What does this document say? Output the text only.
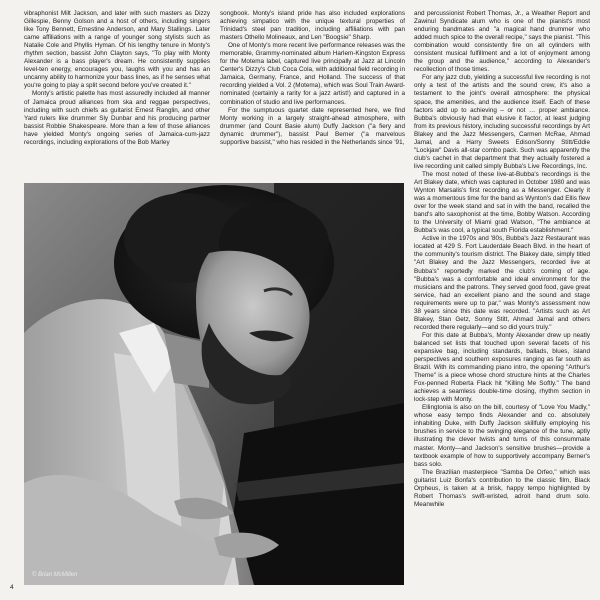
vibraphonist Milt Jackson, and later with such masters as Dizzy Gillespie, Benny Golson and a host of others, including singers like Tony Bennett, Ernestine Anderson, and Mary Stallings. Later came affiliations with a range of younger song stylists such as Natalie Cole and Phyllis Hyman. Of his lengthy tenure in Monty's rhythm section, bassist John Clayton says, "To play with Monty Alexander is a bass player's dream. He consistently supplies level-ten energy, encourages you, laughs with you and has an uncanny ability to harmonize your bass lines, as if he senses what you're going to play a split second before you've created it."

Monty's artistic palette has most assuredly included all manner of Jamaica proud alliances from ska and reggae perspectives, including with such chiefs as guitarist Ernest Ranglin, and other Yard rulers like drummer Sly Dunbar and his producing partner bassist Robbie Shakespeare. More than a few of those alliances have yielded Monty's ongoing series of Jamaica-cum-jazz recordings, including explorations of the Bob Marley

songbook. Monty's island pride has also included explorations achieving simpatico with the unique textural properties of Trinidad's steel pan tradition, including affiliations with pan masters Othello Molineaux, and Len "Boogsie" Sharp.

One of Monty's more recent live performance releases was the memorable, Grammy-nominated album Harlem-Kingston Express for the Motema label, captured live principally at Jazz at Lincoln Center's Dizzy's Club Coca Cola, with additional field recording in Jamaica, Germany, France, and Holland. The success of that recording yielded a Vol. 2 (Motema), which was Soul Train Award-nominated (certainly a rarity for a jazz artist!) and captured in a combination of studio and live performances.

For the sumptuous quartet date represented here, we find Monty working in a largely straight-ahead atmosphere, with drummer (and Count Basie alum) Duffy Jackson ("a fiery and dynamic drummer"), bassist Paul Berner ("a marvelous supportive bassist," who has resided in the Netherlands since '91,

and percussionist Robert Thomas, Jr., a Weather Report and Zawinul Syndicate alum who is one of the pianist's most enduring bandmates and "a magical hand drummer who added much spice to the overall recipe," says the pianist. "This combination would consistently fire on all cylinders with consistent musical fulfillment and a lot of enjoyment among the group and the audience," according to Alexander's recollection of those times.

For any jazz club, yielding a successful live recording is not only a test of the artists and the sound crew, it's also a testament to the joint's overall atmosphere: the physical space, the amenities, and the audience itself. Each of these factors add up to achieving – or not … proper ambiance. Bubba's obviously had that elusive it factor, at least judging from its previous history, including successful recordings by Art Blakey and the Jazz Messengers, Carmen McRae, Ahmad Jamal, and a Harry Sweets Edison/Sonny Stitt/Eddie "Lockjaw" Davis all-star combo pack. Such was apparently the club's cachet in that department that they actually fostered a live recording unit called simply Bubba's Live Recordings, Inc.

The most noted of these live-at-Bubba's recordings is the Art Blakey date, which was captured in October 1980 and was Wynton Marsalis's first recording as a Messenger. Clearly it was a momentous time for the band as Wynton's dad Ellis flew over for the week stand and sat in with the band, recalled the band's alto saxophonist at the time, Bobby Watson. According to the University of Miami grad Watson, "The ambiance at Bubba's was cool, a typical south Florida establishment."

Active in the 1970s and '80s, Bubba's Jazz Restaurant was located at 429 S. Fort Lauderdale Beach Blvd. in the heart of the community's tourism district. The Blakey date, simply titled "Art Blakey and the Jazz Messengers, recorded live at Bubba's" reportedly marked the club's coming of age. "Bubba's was a comfortable and ideal environment for the musicians and the patrons. They served good food, gave great service, had an excellent piano and the sound and stage requirements were up to par," was Monty's assessment now 38 years since this date was recorded. "Artists such as Art Blakey, Stan Getz, Sonny Stitt, Ahmad Jamal and others recorded there regularly—and so did yours truly."

For this date at Bubba's, Monty Alexander drew up neatly balanced set lists that touched upon several facets of his expansive bag, including standards, ballads, blues, island perspectives and southern exposures ranging as far south as Brazil. With its commanding piano intro, the opening "Arthur's Theme" is a piece whose chord structure hints at the Charles Fox-penned Roberta Flack hit "Killing Me Softly." The band achieves a seamless double-time closing, rhythm section in lock-step with Monty.

Ellingtonia is also on the bill, courtesy of "Love You Madly," whose easy tempo finds Alexander and co. absolutely inhabiting Duke, with Duffy Jackson skillfully employing his brushes in service to the swinging elegance of the tune, aptly illustrating the clever twists and turns of this consummate master. Monty—and Jackson's sensitive brushes—provide a textbook example of how to supportively accompany Berner's bass solo.

The Brazilian masterpiece "Samba De Orfeo," which was guitarist Luiz Bonfa's contribution to the classic film, Black Orpheus, is taken at a brisk, happy tempo highlighted by Robert Thomas's swift-wristed, adroit hand drum solo. Meanwhile

© Brian McMillen
4
